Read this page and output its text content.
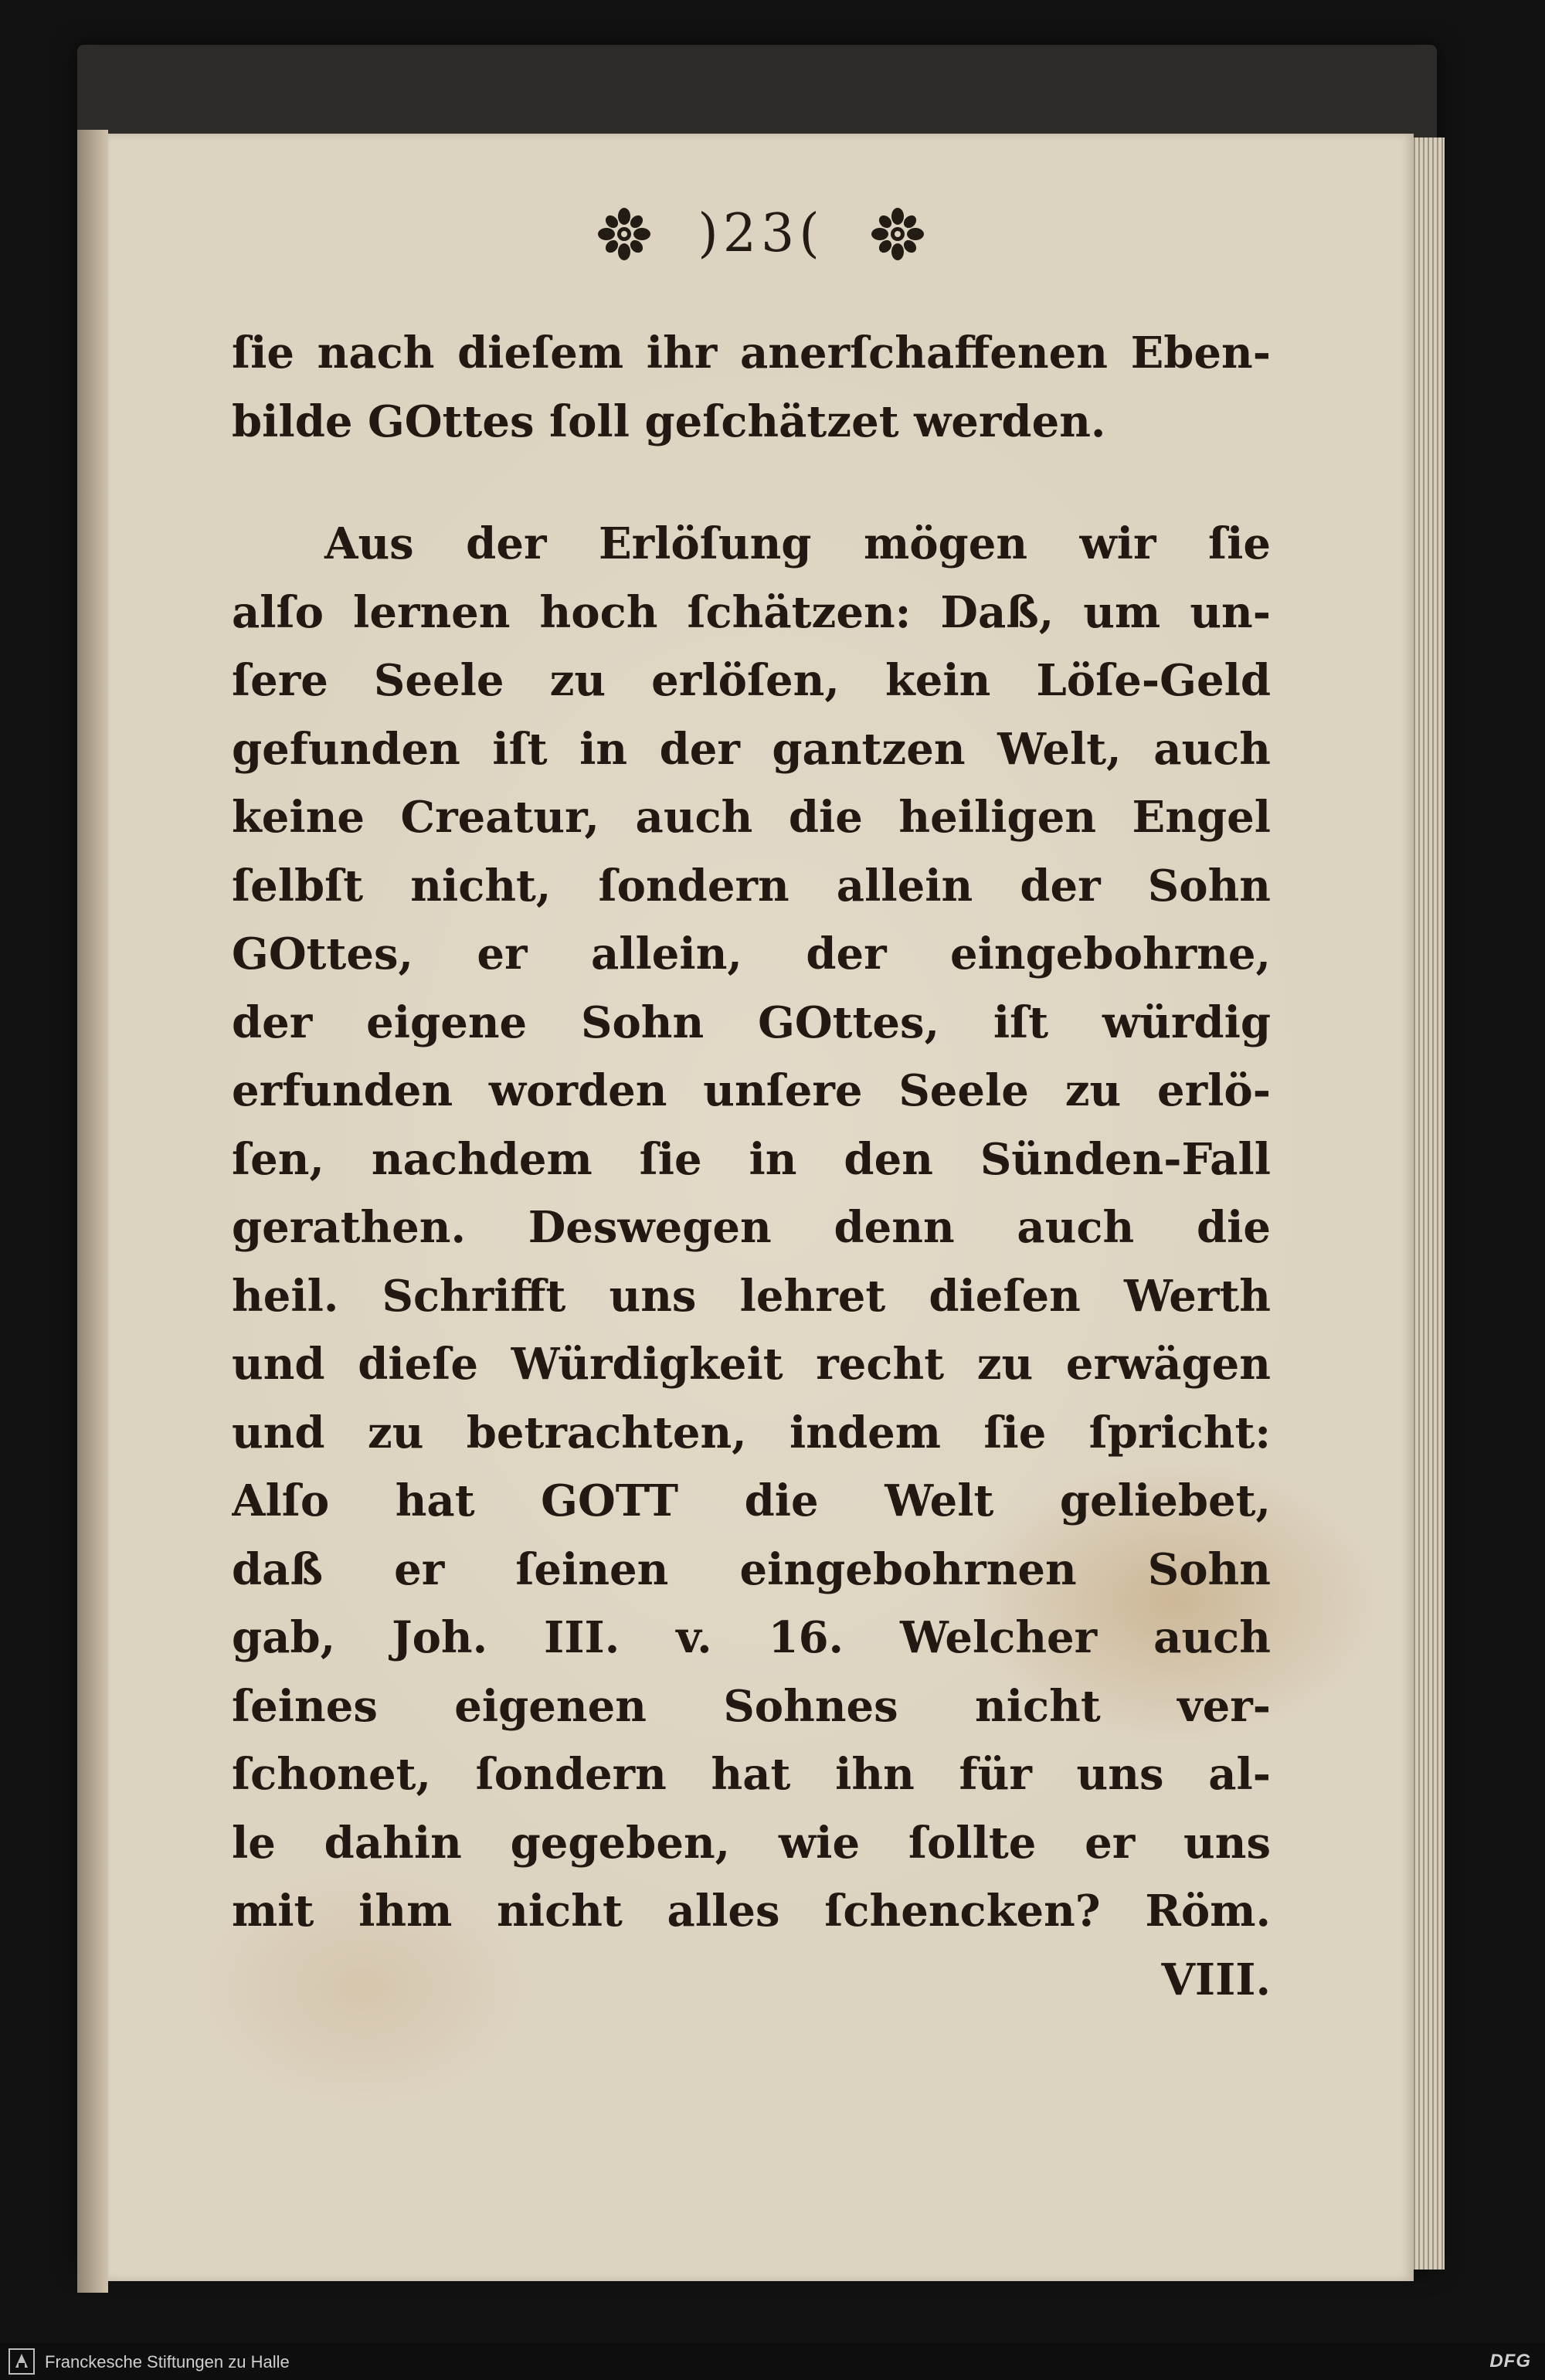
)23(
ſie nach dieſem ihr anerſchaffenen Eben-
bilde GOttes ſoll geſchätzet werden.
Aus der Erlöſung mögen wir ſie
alſo lernen hoch ſchätzen: Daß, um un-
ſere Seele zu erlöſen, kein Löſe-Geld
gefunden iſt in der gantzen Welt, auch
keine Creatur, auch die heiligen Engel
ſelbſt nicht, ſondern allein der Sohn
GOttes, er allein, der eingebohrne,
der eigene Sohn GOttes, iſt würdig
erfunden worden unſere Seele zu erlö-
ſen, nachdem ſie in den Sünden-Fall
gerathen. Deswegen denn auch die
heil. Schrifft uns lehret dieſen Werth
und dieſe Würdigkeit recht zu erwägen
und zu betrachten, indem ſie ſpricht:
Alſo hat GOTT die Welt geliebet,
daß er ſeinen eingebohrnen Sohn
gab, Joh. III. v. 16. Welcher auch
ſeines eigenen Sohnes nicht ver-
ſchonet, ſondern hat ihn für uns al-
le dahin gegeben, wie ſollte er uns
mit ihm nicht alles ſchencken? Röm.
VIII.
Franckesche Stiftungen zu Halle	DFG
